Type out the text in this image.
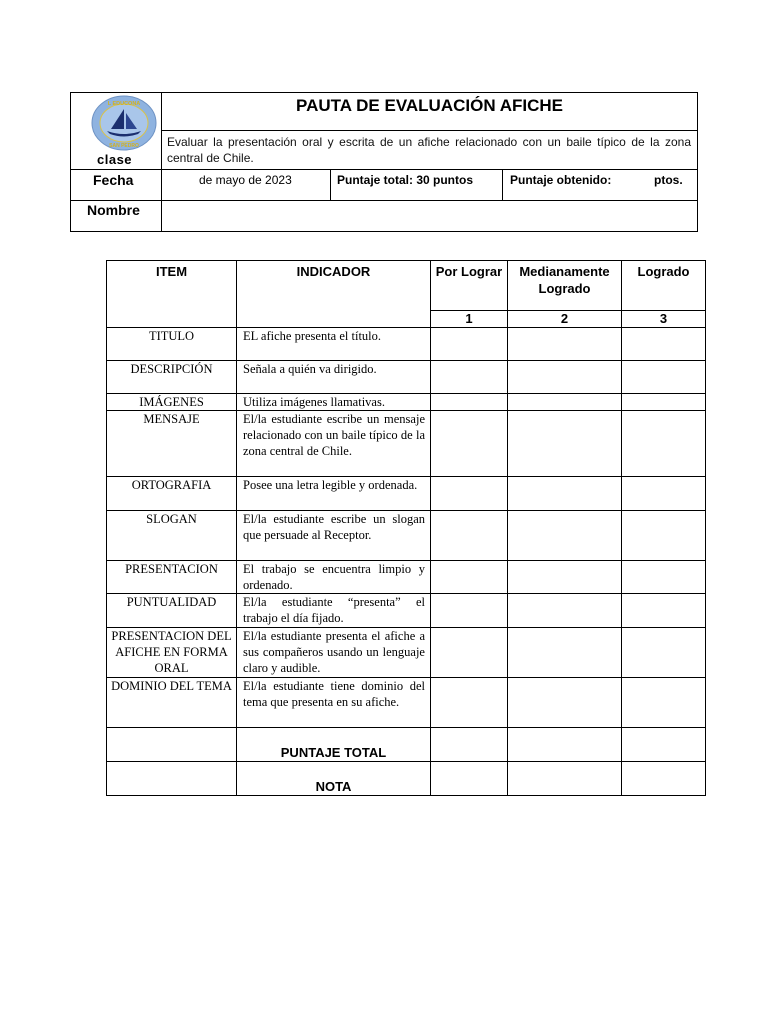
L EDUCONA
SAN PEDRO
clase
PAUTA DE EVALUACIÓN AFICHE
Evaluar la presentación oral y escrita de un afiche relacionado con un baile típico de la zona central de Chile.
Fecha	de mayo de 2023	Puntaje total: 30 puntos	Puntaje obtenido:	ptos.
Nombre
ITEM	INDICADOR	Por Lograr	Medianamente Logrado	Logrado

		1	2	3

TITULO	EL afiche presenta el título.			

DESCRIPCIÓN	Señala a quién va dirigido.			

IMÁGENES	Utiliza imágenes llamativas.			

MENSAJE	El/la estudiante escribe un mensaje relacionado con un baile típico de la zona central de Chile.			

ORTOGRAFIA	Posee una letra legible y ordenada.			

SLOGAN	El/la estudiante escribe un slogan que persuade al Receptor.			

PRESENTACION	El trabajo se encuentra limpio y ordenado.			

PUNTUALIDAD	El/la estudiante “presenta” el trabajo el día fijado.			

PRESENTACION DEL AFICHE EN FORMA ORAL	El/la estudiante presenta el afiche a sus compañeros usando un lenguaje claro y audible.			

DOMINIO DEL TEMA	El/la estudiante tiene dominio del tema que presenta en su afiche.			

	PUNTAJE TOTAL			
	NOTA			
